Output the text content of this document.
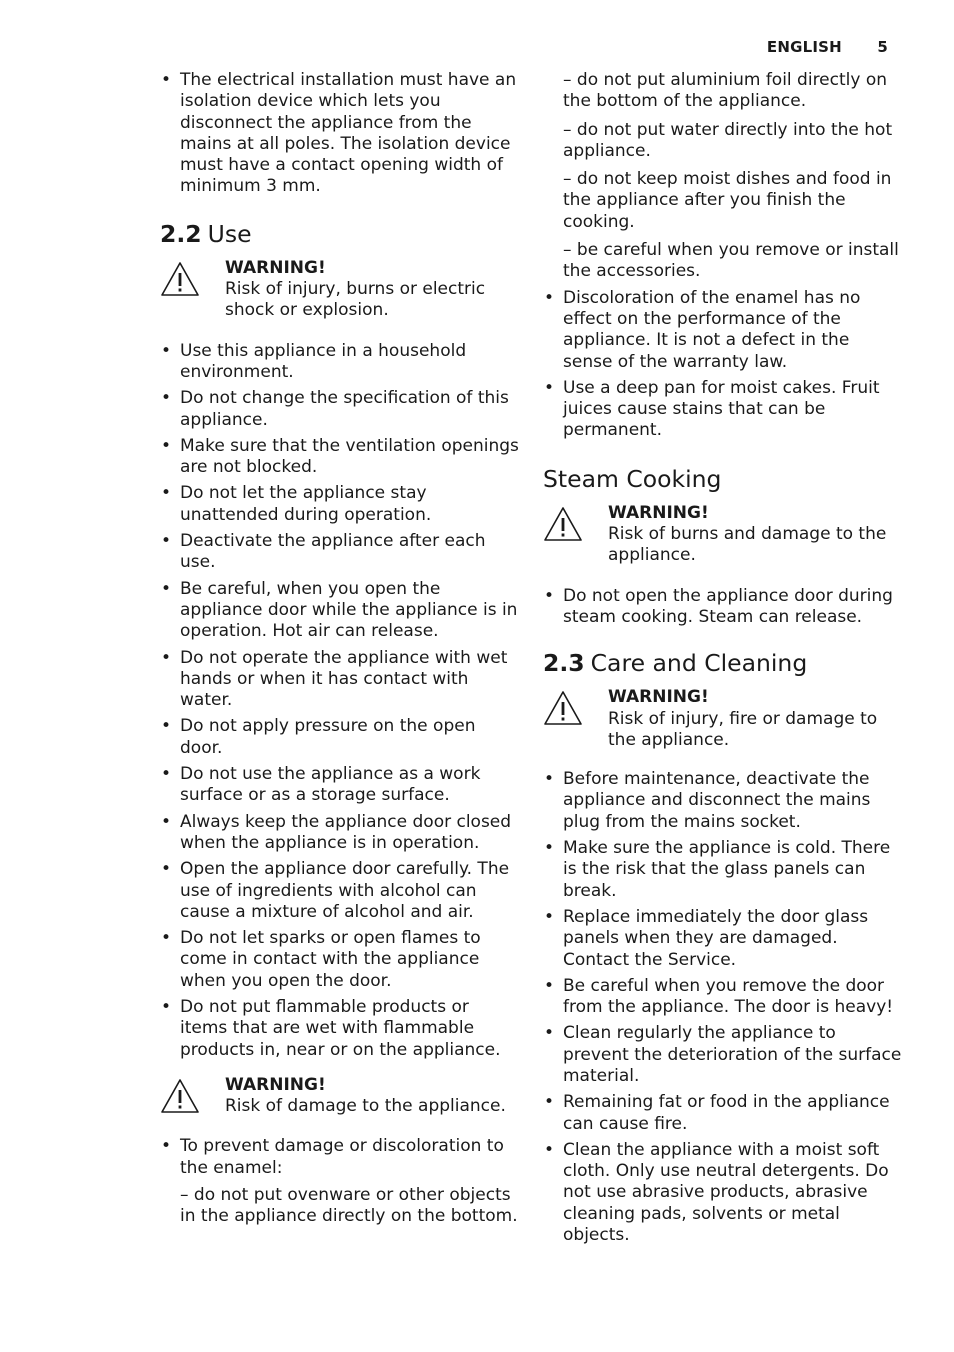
ENGLISH 5
• The electrical installation must have an isolation device which lets you disconnect the appliance from the mains at all poles. The isolation device must have a contact opening width of minimum 3 mm.
2.2 Use
WARNING!
Risk of injury, burns or electric shock or explosion.
• Use this appliance in a household environment.
• Do not change the specification of this appliance.
• Make sure that the ventilation openings are not blocked.
• Do not let the appliance stay unattended during operation.
• Deactivate the appliance after each use.
• Be careful, when you open the appliance door while the appliance is in operation. Hot air can release.
• Do not operate the appliance with wet hands or when it has contact with water.
• Do not apply pressure on the open door.
• Do not use the appliance as a work surface or as a storage surface.
• Always keep the appliance door closed when the appliance is in operation.
• Open the appliance door carefully. The use of ingredients with alcohol can cause a mixture of alcohol and air.
• Do not let sparks or open flames to come in contact with the appliance when you open the door.
• Do not put flammable products or items that are wet with flammable products in, near or on the appliance.
WARNING!
Risk of damage to the appliance.
• To prevent damage or discoloration to the enamel:
– do not put ovenware or other objects in the appliance directly on the bottom.
– do not put aluminium foil directly on the bottom of the appliance.
– do not put water directly into the hot appliance.
– do not keep moist dishes and food in the appliance after you finish the cooking.
– be careful when you remove or install the accessories.
• Discoloration of the enamel has no effect on the performance of the appliance. It is not a defect in the sense of the warranty law.
• Use a deep pan for moist cakes. Fruit juices cause stains that can be permanent.
Steam Cooking
WARNING!
Risk of burns and damage to the appliance.
• Do not open the appliance door during steam cooking. Steam can release.
2.3 Care and Cleaning
WARNING!
Risk of injury, fire or damage to the appliance.
• Before maintenance, deactivate the appliance and disconnect the mains plug from the mains socket.
• Make sure the appliance is cold. There is the risk that the glass panels can break.
• Replace immediately the door glass panels when they are damaged. Contact the Service.
• Be careful when you remove the door from the appliance. The door is heavy!
• Clean regularly the appliance to prevent the deterioration of the surface material.
• Remaining fat or food in the appliance can cause fire.
• Clean the appliance with a moist soft cloth. Only use neutral detergents. Do not use abrasive products, abrasive cleaning pads, solvents or metal objects.
